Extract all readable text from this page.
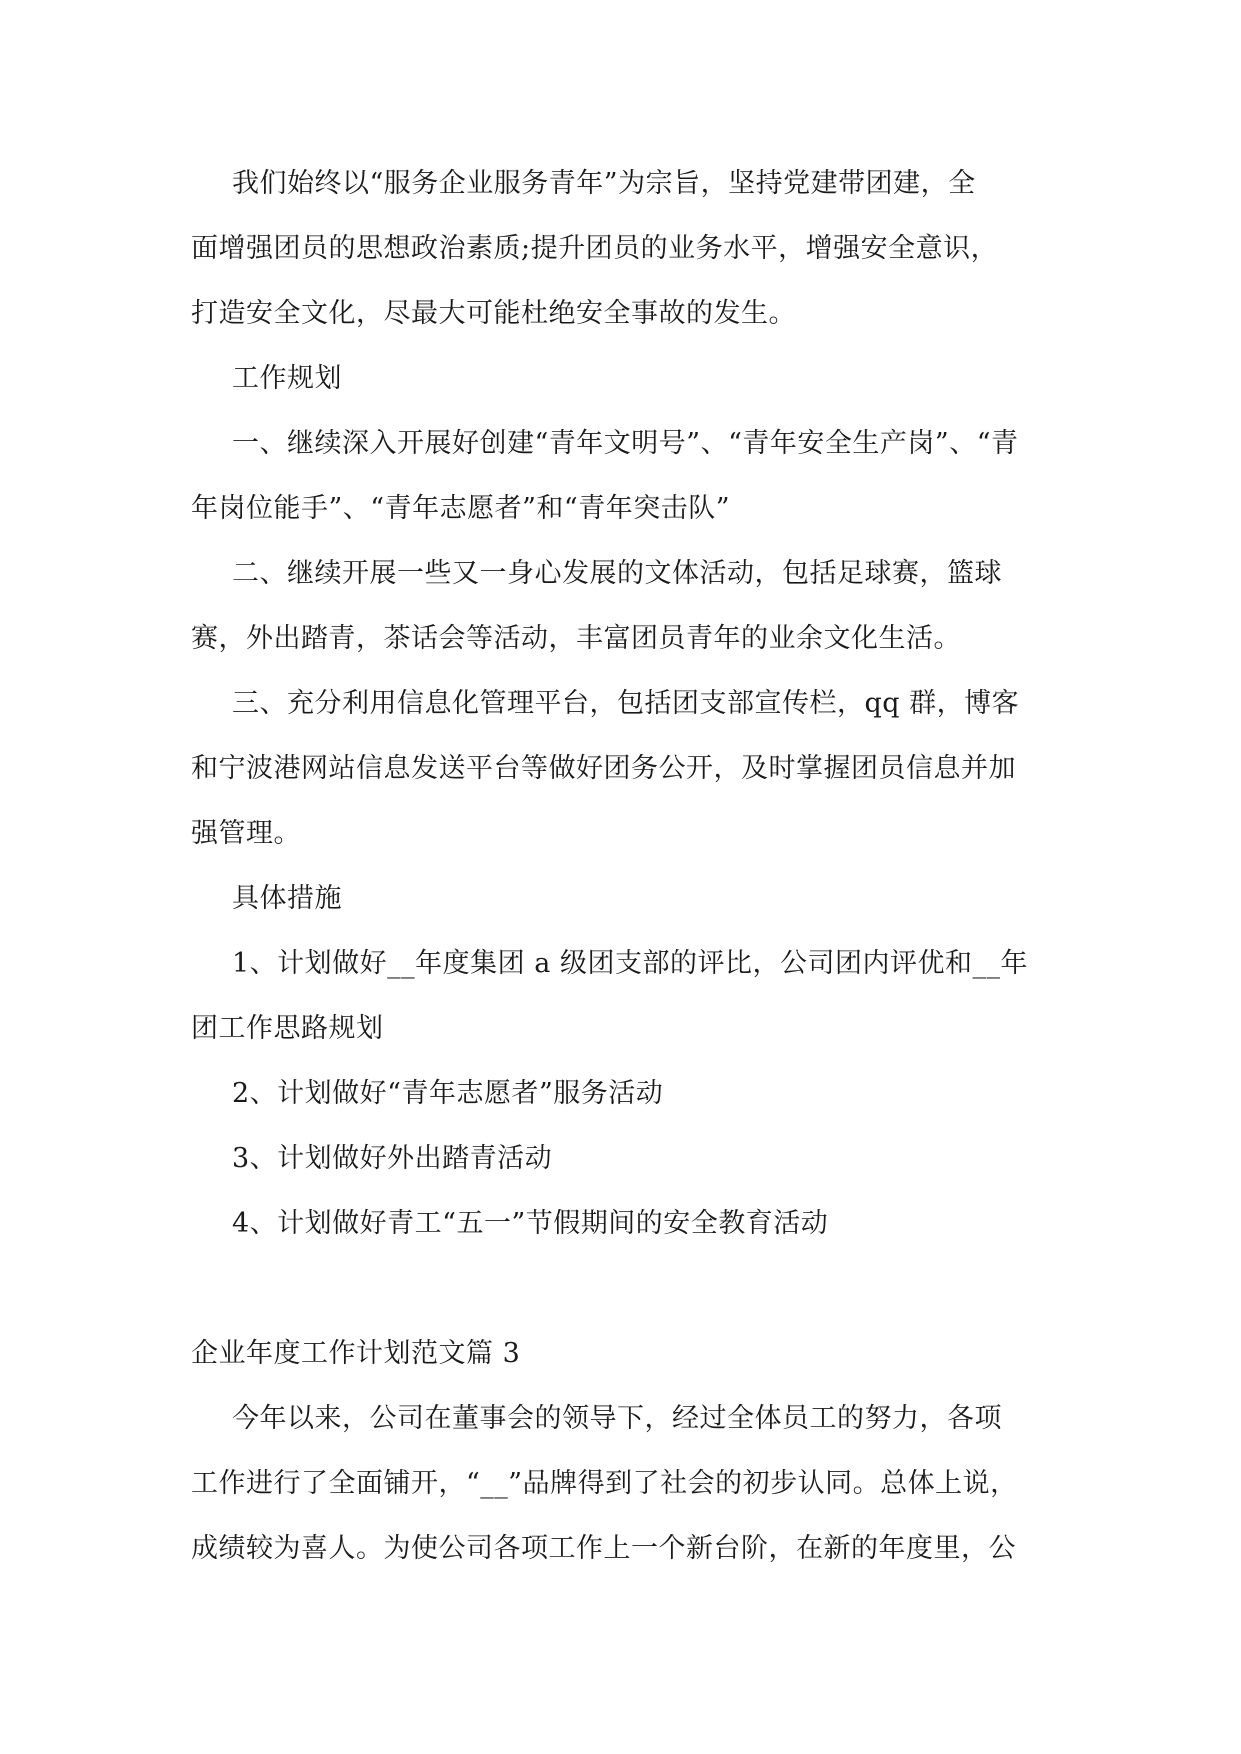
我们始终以“服务企业服务青年”为宗旨，坚持党建带团建，全
面增强团员的思想政治素质;提升团员的业务水平，增强安全意识，
打造安全文化，尽最大可能杜绝安全事故的发生。
工作规划
一、继续深入开展好创建“青年文明号”、“青年安全生产岗”、“青
年岗位能手”、“青年志愿者”和“青年突击队”
二、继续开展一些又一身心发展的文体活动，包括足球赛，篮球
赛，外出踏青，茶话会等活动，丰富团员青年的业余文化生活。
三、充分利用信息化管理平台，包括团支部宣传栏，qq 群，博客
和宁波港网站信息发送平台等做好团务公开，及时掌握团员信息并加
强管理。
具体措施
1、计划做好__年度集团 a 级团支部的评比，公司团内评优和__年
团工作思路规划
2、计划做好“青年志愿者”服务活动
3、计划做好外出踏青活动
4、计划做好青工“五一”节假期间的安全教育活动
企业年度工作计划范文篇 3
今年以来，公司在董事会的领导下，经过全体员工的努力，各项
工作进行了全面铺开，“__”品牌得到了社会的初步认同。总体上说，
成绩较为喜人。为使公司各项工作上一个新台阶，在新的年度里，公
